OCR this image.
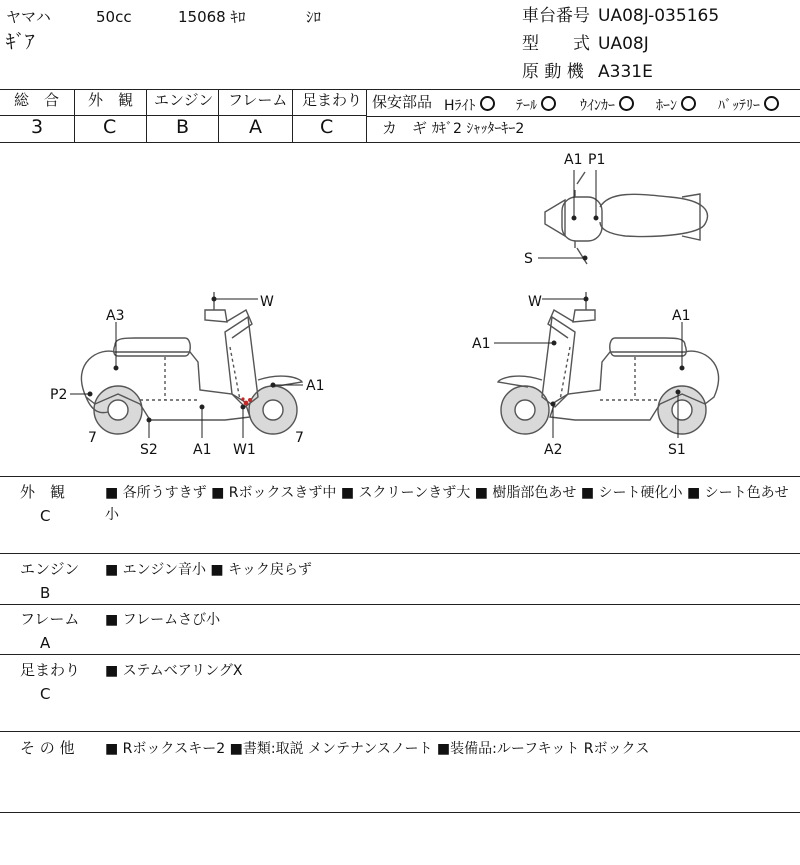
ヤマハ	50cc	15068 ｷﾛ	ｼﾛ
ｷﾞｱ
車台番号 UA08J-035165
型　　式 UA08J
原 動 機 A331E
総　合 外　観 エンジン フレーム 足まわり
3	C	B	A	C
保安部品 Hﾗｲﾄ	ﾃｰﾙ	ｳｲﾝｶｰ	ﾎｰﾝ	ﾊﾞｯﾃﾘｰ
カ　ギ ｶｷﾞ2 ｼｬｯﾀｰｷｰ2
W
A3
P2
A1
7
S2	A1 W1
7
W
A1
A1
A2	S1
A1 P1
S
外　観
C
■ 各所うすきず ■ Rボックスきず中 ■ スクリーンきず大 ■ 樹脂部色あせ ■ シート硬化小 ■ シート色あせ小
エンジン
B
■ エンジン音小 ■ キック戻らず
フレーム
A
■ フレームさび小
足まわり
C
■ ステムベアリングX
そ の 他 ■ Rボックスキー2 ■書類:取説 メンテナンスノート ■装備品:ルーフキット Rボックス
